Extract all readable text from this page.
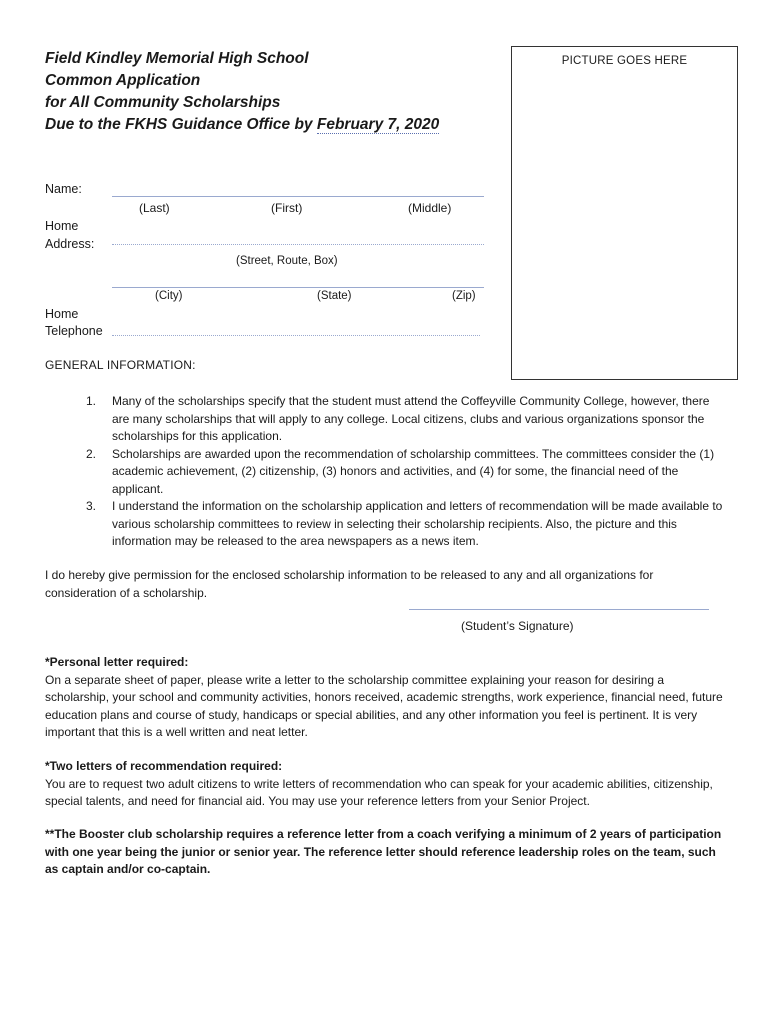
Field Kindley Memorial High School
Common Application
for All Community Scholarships
Due to the FKHS Guidance Office by February 7, 2020
PICTURE GOES HERE
Name:
(Last)	(First)	(Middle)
Home
Address:
(Street, Route, Box)
(City)	(State)	(Zip)
Home
Telephone
GENERAL INFORMATION:
1.	Many of the scholarships specify that the student must attend the Coffeyville Community College, however, there are many scholarships that will apply to any college. Local citizens, clubs and various organizations sponsor the scholarships for this application.
2.	Scholarships are awarded upon the recommendation of scholarship committees. The committees consider the (1) academic achievement, (2) citizenship, (3) honors and activities, and (4) for some, the financial need of the applicant.
3.	I understand the information on the scholarship application and letters of recommendation will be made available to various scholarship committees to review in selecting their scholarship recipients. Also, the picture and this information may be released to the area newspapers as a news item.
I do hereby give permission for the enclosed scholarship information to be released to any and all organizations for consideration of a scholarship.
(Student’s Signature)
*Personal letter required:
On a separate sheet of paper, please write a letter to the scholarship committee explaining your reason for desiring a scholarship, your school and community activities, honors received, academic strengths, work experience, financial need, future education plans and course of study, handicaps or special abilities, and any other information you feel is pertinent. It is very important that this is a well written and neat letter.
*Two letters of recommendation required:
You are to request two adult citizens to write letters of recommendation who can speak for your academic abilities, citizenship, special talents, and need for financial aid. You may use your reference letters from your Senior Project.
**The Booster club scholarship requires a reference letter from a coach verifying a minimum of 2 years of participation with one year being the junior or senior year. The reference letter should reference leadership roles on the team, such as captain and/or co-captain.
